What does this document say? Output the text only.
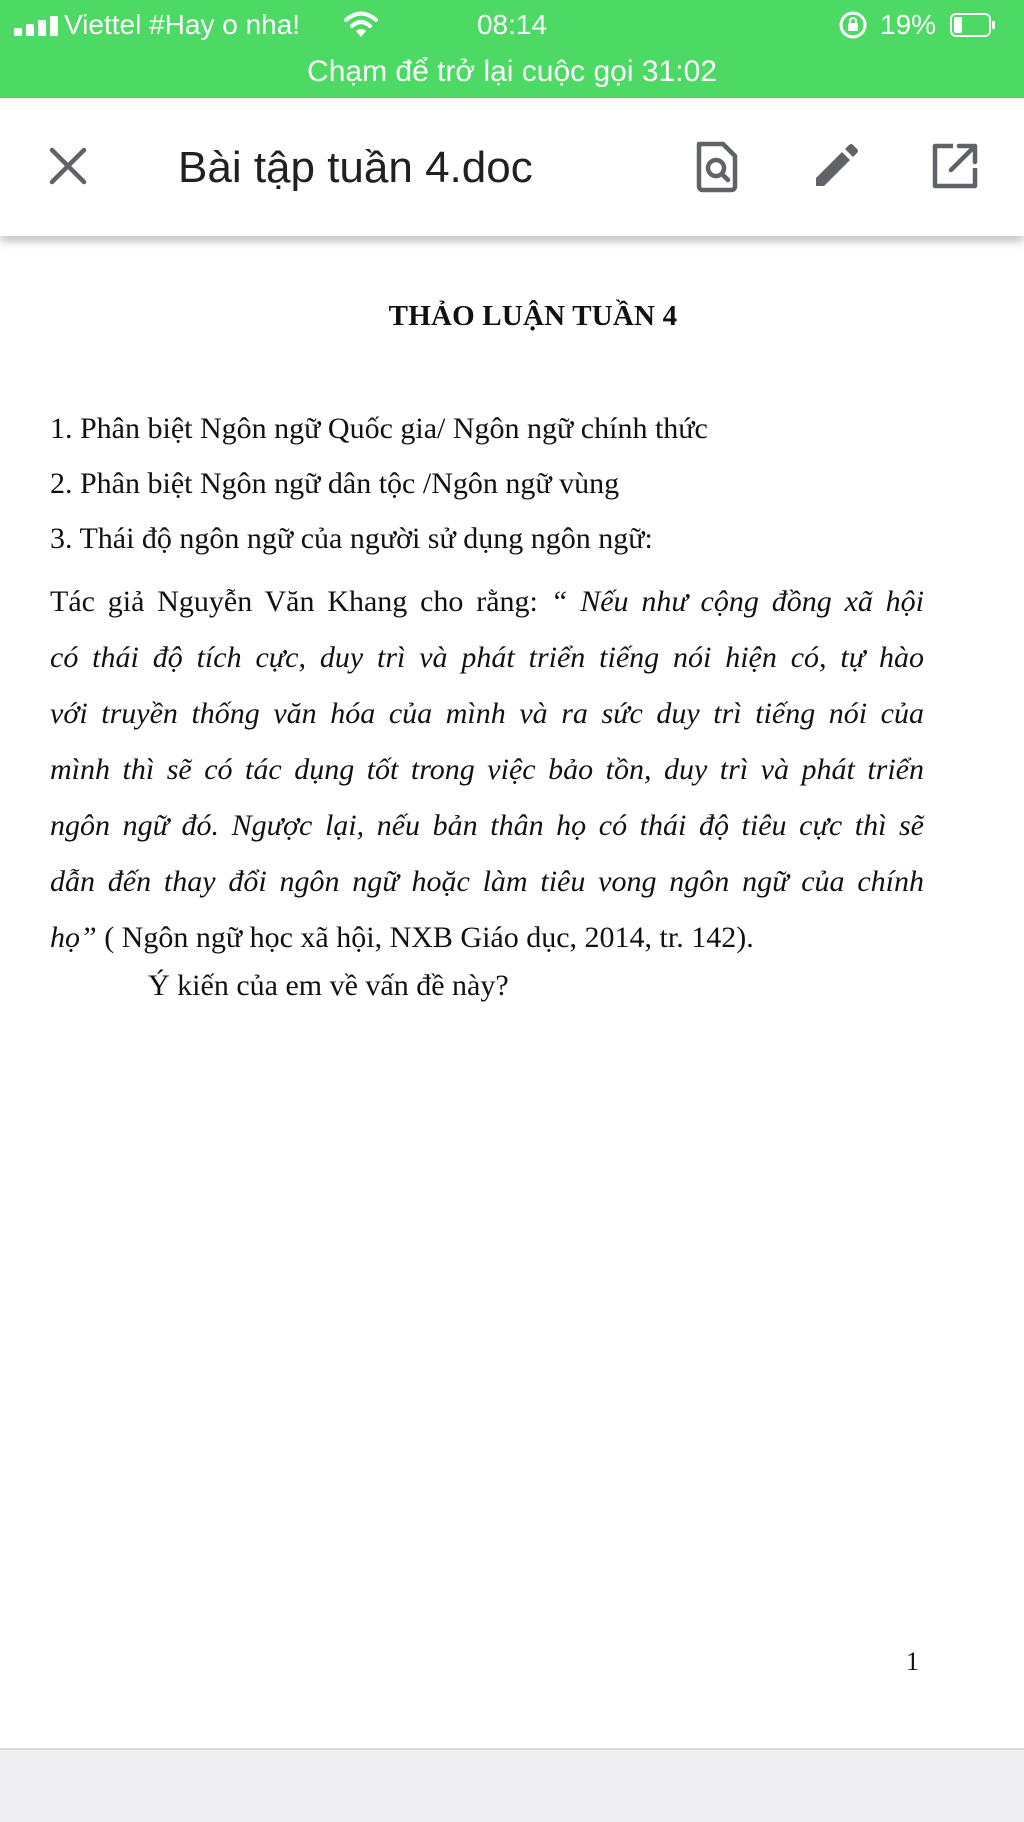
Viettel #Hay o nha!	08:14	19%
Chạm để trở lại cuộc gọi 31:02
Bài tập tuần 4.doc
THẢO LUẬN TUẦN 4
1. Phân biệt Ngôn ngữ Quốc gia/ Ngôn ngữ chính thức
2. Phân biệt Ngôn ngữ dân tộc /Ngôn ngữ vùng
3. Thái độ ngôn ngữ của người sử dụng ngôn ngữ:
Tác giả Nguyễn Văn Khang cho rằng: “ Nếu như cộng đồng xã hội
có thái độ tích cực, duy trì và phát triển tiếng nói hiện có, tự hào
với truyền thống văn hóa của mình và ra sức duy trì tiếng nói của
mình thì sẽ có tác dụng tốt trong việc bảo tồn, duy trì và phát triển
ngôn ngữ đó. Ngược lại, nếu bản thân họ có thái độ tiêu cực thì sẽ
dẫn đến thay đổi ngôn ngữ hoặc làm tiêu vong ngôn ngữ của chính
họ” ( Ngôn ngữ học xã hội, NXB Giáo dục, 2014, tr. 142).
Ý kiến của em về vấn đề này?
1
